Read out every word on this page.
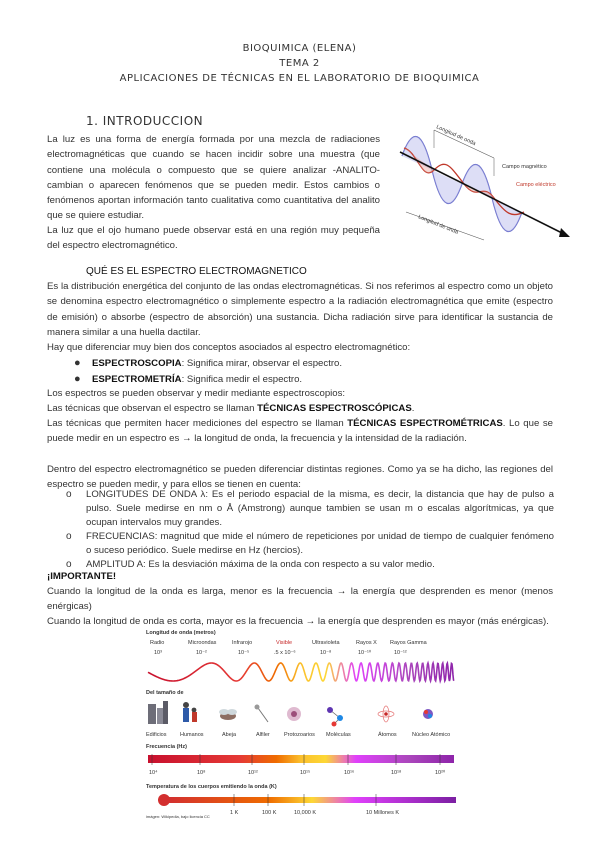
BIOQUIMICA (ELENA)
TEMA 2
APLICACIONES DE TÉCNICAS EN EL LABORATORIO DE BIOQUIMICA
1. INTRODUCCION
La luz es una forma de energía formada por una mezcla de radiaciones electromagnéticas que cuando se hacen incidir sobre una muestra (que contiene una molécula o compuesto que se quiere analizar -ANALITO- cambian o aparecen fenómenos que se pueden medir. Estos cambios o fenómenos aportan información tanto cualitativa como cuantitativa del analito que se quiere estudiar.
La luz que el ojo humano puede observar está en una región muy pequeña del espectro electromagnético.
Longitud de onda
Campo magnético
Campo eléctrico
Longitud de onda
QUÉ ES EL ESPECTRO ELECTROMAGNETICO
Es la distribución energética del conjunto de las ondas electromagnéticas. Si nos referimos al espectro como un objeto se denomina espectro electromagnético o simplemente espectro a la radiación electromagnética que emite (espectro de emisión) o absorbe (espectro de absorción) una sustancia. Dicha radiación sirve para identificar la sustancia de manera similar a una huella dactilar.
Hay que diferenciar muy bien dos conceptos asociados al espectro electromagnético:
● ESPECTROSCOPIA: Significa mirar, observar el espectro.
● ESPECTROMETRÍA: Significa medir el espectro.
Los espectros se pueden observar y medir mediante espectroscopios:
Las técnicas que observan el espectro se llaman TÉCNICAS ESPECTROSCÓPICAS.
Las técnicas que permiten hacer mediciones del espectro se llaman TÉCNICAS ESPECTROMÉTRICAS. Lo que se puede medir en un espectro es → la longitud de onda, la frecuencia y la intensidad de la radiación.
Dentro del espectro electromagnético se pueden diferenciar distintas regiones. Como ya se ha dicho, las regiones del espectro se pueden medir, y para ellos se tienen en cuenta:
o LONGITUDES DE ONDA λ: Es el periodo espacial de la misma, es decir, la distancia que hay de pulso a pulso. Suele medirse en nm o Å (Amstrong) aunque tambien se usan m o escalas algorítmicas, ya que ocupan intervalos muy grandes.
o FRECUENCIAS: magnitud que mide el número de repeticiones por unidad de tiempo de cualquier fenómeno o suceso periódico. Suele medirse en Hz (hercios).
o AMPLITUD A: Es la desviación máxima de la onda con respecto a su valor medio.
¡IMPORTANTE!
Cuando la longitud de la onda es larga, menor es la frecuencia → la energía que desprenden es menor (menos enérgicas)
Cuando la longitud de onda es corta, mayor es la frecuencia → la energía que desprenden es mayor (más enérgicas).
Longitud de onda (metros)
Radio	Microondas	Infrarojo	Visible	Ultravioleta	Rayos X Rayos Gamma
10³	10⁻²	10⁻⁵	.5 x 10⁻⁶	10⁻⁸	10⁻¹⁰	10⁻¹²
Del tamaño de
Edificios Humanos	Abeja	Alfiler	Protozoarios Moléculas	Átomos	Núcleo Atómico
Frecuencia (Hz)
10⁴	10⁸	10¹²	10¹⁵	10¹⁶	10¹⁸	10²⁰
Temperatura de los cuerpos emitiendo la onda (K)
1 K	100 K	10,000 K	10 Millones K
imágen: Wikipedia, bajo licencia CC
